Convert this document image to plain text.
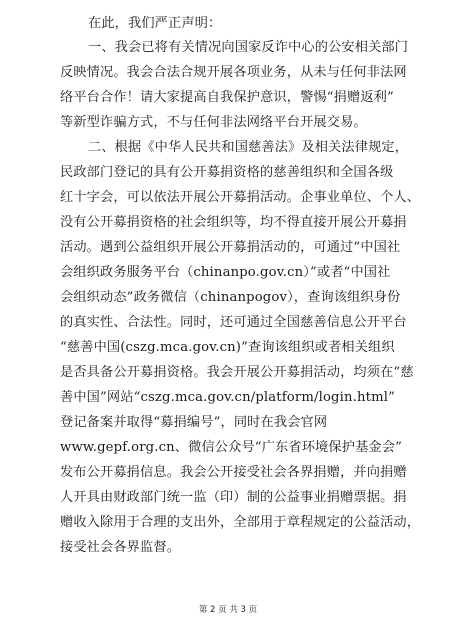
在此，我们严正声明：
一、我会已将有关情况向国家反诈中心的公安相关部门
反映情况。我会合法合规开展各项业务，从未与任何非法网
络平台合作！请大家提高自我保护意识，警惕“捐赠返利”
等新型诈骗方式，不与任何非法网络平台开展交易。
二、根据《中华人民共和国慈善法》及相关法律规定，
民政部门登记的具有公开募捐资格的慈善组织和全国各级
红十字会，可以依法开展公开募捐活动。企事业单位、个人、
没有公开募捐资格的社会组织等，均不得直接开展公开募捐
活动。遇到公益组织开展公开募捐活动的，可通过“中国社
会组织政务服务平台（chinanpo.gov.cn）”或者“中国社
会组织动态”政务微信（chinanpogov），查询该组织身份
的真实性、合法性。同时，还可通过全国慈善信息公开平台
“慈善中国(cszg.mca.gov.cn)”查询该组织或者相关组织
是否具备公开募捐资格。我会开展公开募捐活动，均须在“慈
善中国”网站“cszg.mca.gov.cn/platform/login.html”
登记备案并取得“募捐编号”，同时在我会官网
www.gepf.org.cn、微信公众号“广东省环境保护基金会”
发布公开募捐信息。我会公开接受社会各界捐赠，并向捐赠
人开具由财政部门统一监（印）制的公益事业捐赠票据。捐
赠收入除用于合理的支出外，全部用于章程规定的公益活动，
接受社会各界监督。
第 2 页 共 3 页
